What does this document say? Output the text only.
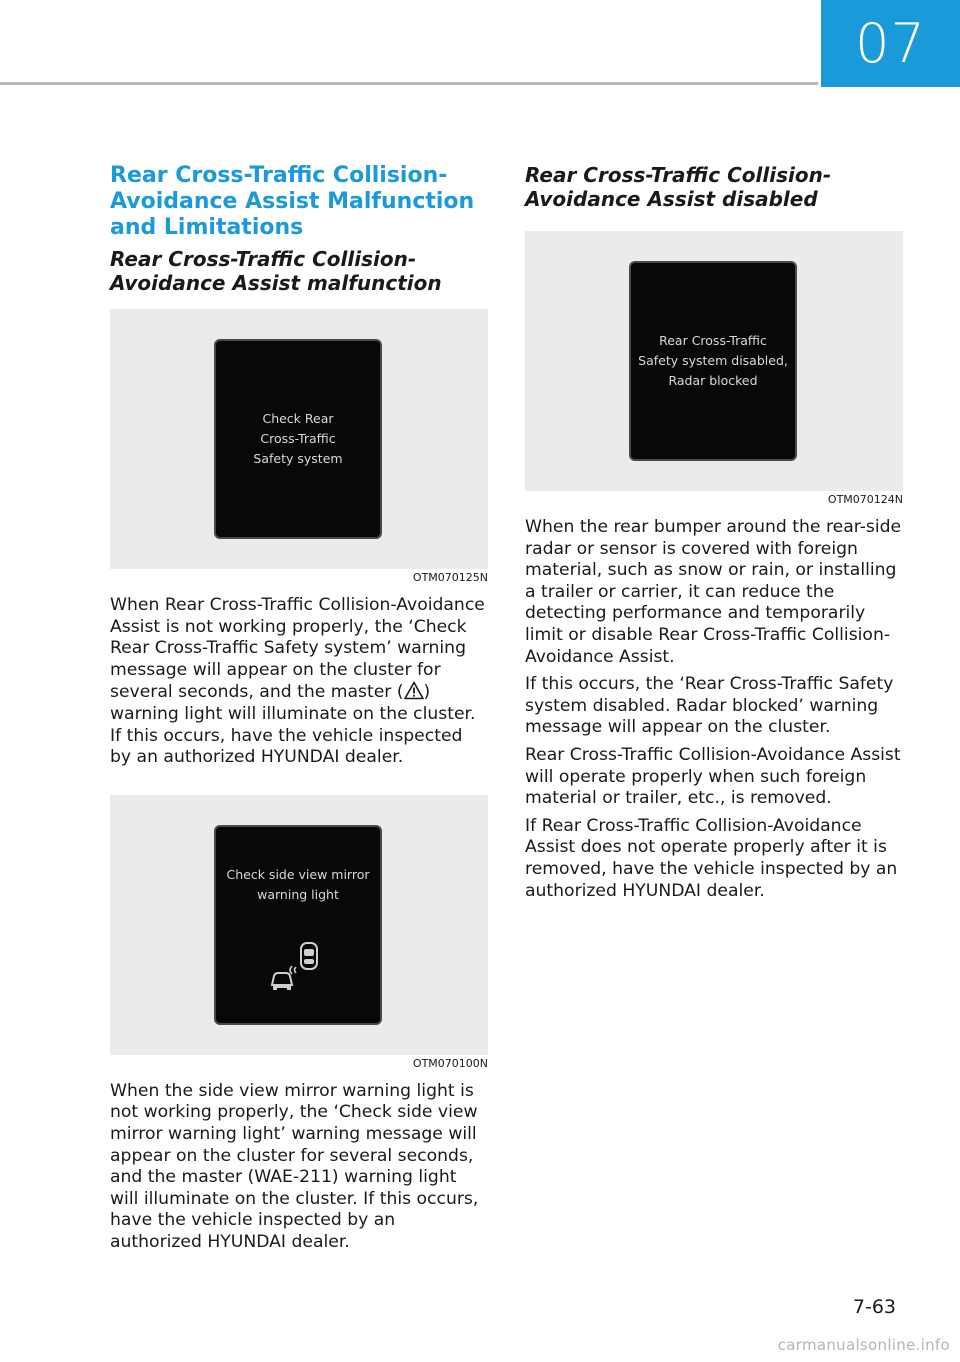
07
Rear Cross-Traffic Collision-Avoidance Assist Malfunction and Limitations
Rear Cross-Traffic Collision-Avoidance Assist malfunction

Check Rear
Cross-Traffic
Safety system

OTM070125N

When Rear Cross-Traffic Collision-Avoidance Assist is not working properly, the ‘Check Rear Cross-Traffic Safety system’ warning message will appear on the cluster for several seconds, and the master ( ) warning light will illuminate on the cluster. If this occurs, have the vehicle inspected by an authorized HYUNDAI dealer.

Check side view mirror
warning light

OTM070100N

When the side view mirror warning light is not working properly, the ‘Check side view mirror warning light’ warning message will appear on the cluster for several seconds, and the master (WAE-211) warning light will illuminate on the cluster. If this occurs, have the vehicle inspected by an authorized HYUNDAI dealer.

Rear Cross-Traffic Collision-Avoidance Assist disabled

Rear Cross-Traffic
Safety system disabled,
Radar blocked

OTM070124N

When the rear bumper around the rear-side radar or sensor is covered with foreign material, such as snow or rain, or installing a trailer or carrier, it can reduce the detecting performance and temporarily limit or disable Rear Cross-Traffic Collision-Avoidance Assist.

If this occurs, the ‘Rear Cross-Traffic Safety system disabled. Radar blocked’ warning message will appear on the cluster.

Rear Cross-Traffic Collision-Avoidance Assist will operate properly when such foreign material or trailer, etc., is removed.

If Rear Cross-Traffic Collision-Avoidance Assist does not operate properly after it is removed, have the vehicle inspected by an authorized HYUNDAI dealer.

7-63
carmanualsonline.info
